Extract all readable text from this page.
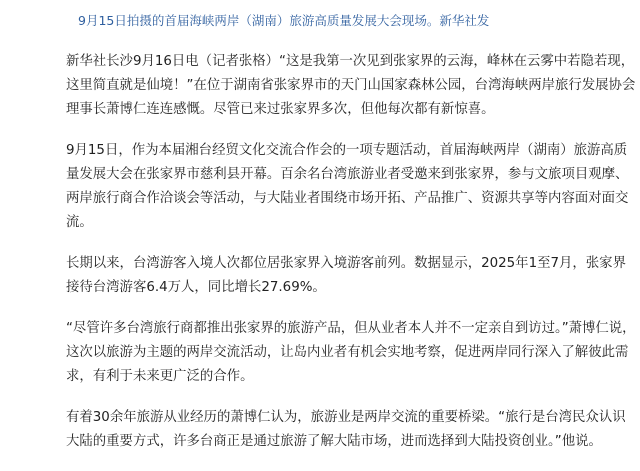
9月15日拍摄的首届海峡两岸（湖南）旅游高质量发展大会现场。新华社发

新华社长沙9月16日电（记者张格）“这是我第一次见到张家界的云海，峰林在云雾中若隐若现，这里简直就是仙境！”在位于湖南省张家界市的天门山国家森林公园，台湾海峡两岸旅行发展协会理事长萧博仁连连感慨。尽管已来过张家界多次，但他每次都有新惊喜。

9月15日，作为本届湘台经贸文化交流合作会的一项专题活动，首届海峡两岸（湖南）旅游高质量发展大会在张家界市慈利县开幕。百余名台湾旅游业者受邀来到张家界，参与文旅项目观摩、两岸旅行商合作洽谈会等活动，与大陆业者围绕市场开拓、产品推广、资源共享等内容面对面交流。

长期以来，台湾游客入境人次都位居张家界入境游客前列。数据显示，2025年1至7月，张家界接待台湾游客6.4万人，同比增长27.69%。

“尽管许多台湾旅行商都推出张家界的旅游产品，但从业者本人并不一定亲自到访过。”萧博仁说，这次以旅游为主题的两岸交流活动，让岛内业者有机会实地考察，促进两岸同行深入了解彼此需求，有利于未来更广泛的合作。

有着30余年旅游从业经历的萧博仁认为，旅游业是两岸交流的重要桥梁。“旅行是台湾民众认识大陆的重要方式，许多台商正是通过旅游了解大陆市场，进而选择到大陆投资创业。”他说。
